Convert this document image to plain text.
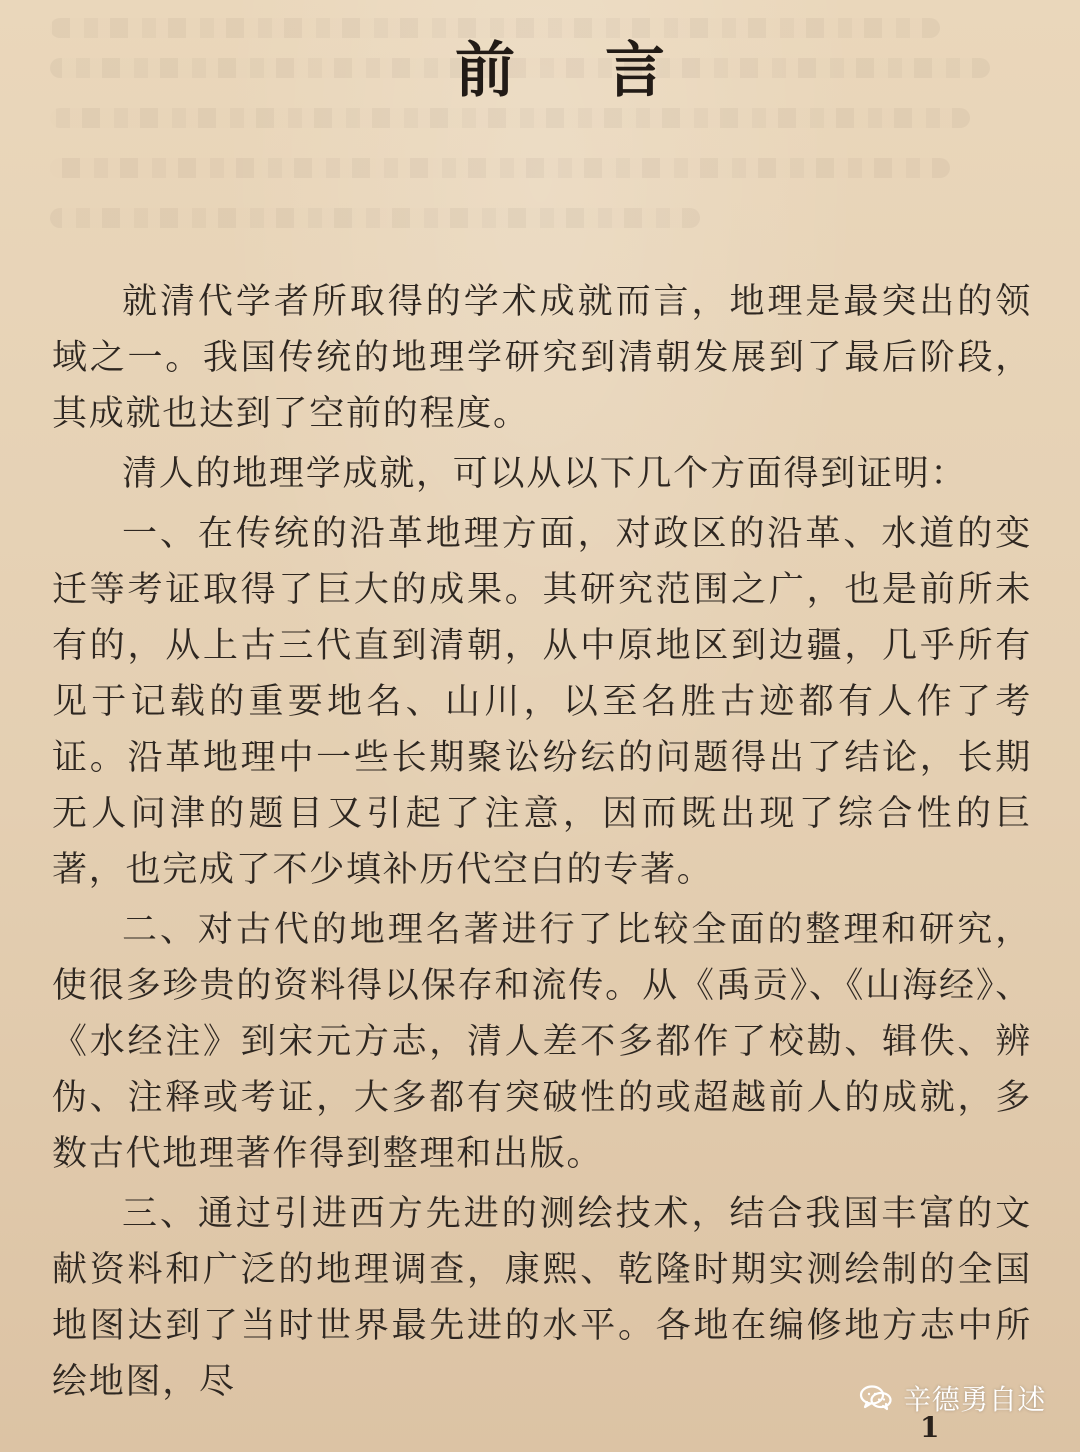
前 言

就清代学者所取得的学术成就而言，地理是最突出的领域之一。我国传统的地理学研究到清朝发展到了最后阶段，其成就也达到了空前的程度。

清人的地理学成就，可以从以下几个方面得到证明：

一、在传统的沿革地理方面，对政区的沿革、水道的变迁等考证取得了巨大的成果。其研究范围之广，也是前所未有的，从上古三代直到清朝，从中原地区到边疆，几乎所有见于记载的重要地名、山川，以至名胜古迹都有人作了考证。沿革地理中一些长期聚讼纷纭的问题得出了结论，长期无人问津的题目又引起了注意，因而既出现了综合性的巨著，也完成了不少填补历代空白的专著。

二、对古代的地理名著进行了比较全面的整理和研究，使很多珍贵的资料得以保存和流传。从《禹贡》、《山海经》、《水经注》到宋元方志，清人差不多都作了校勘、辑佚、辨伪、注释或考证，大多都有突破性的或超越前人的成就，多数古代地理著作得到整理和出版。

三、通过引进西方先进的测绘技术，结合我国丰富的文献资料和广泛的地理调查，康熙、乾隆时期实测绘制的全国地图达到了当时世界最先进的水平。各地在编修地方志中所绘地图，尽

1
辛德勇自述
